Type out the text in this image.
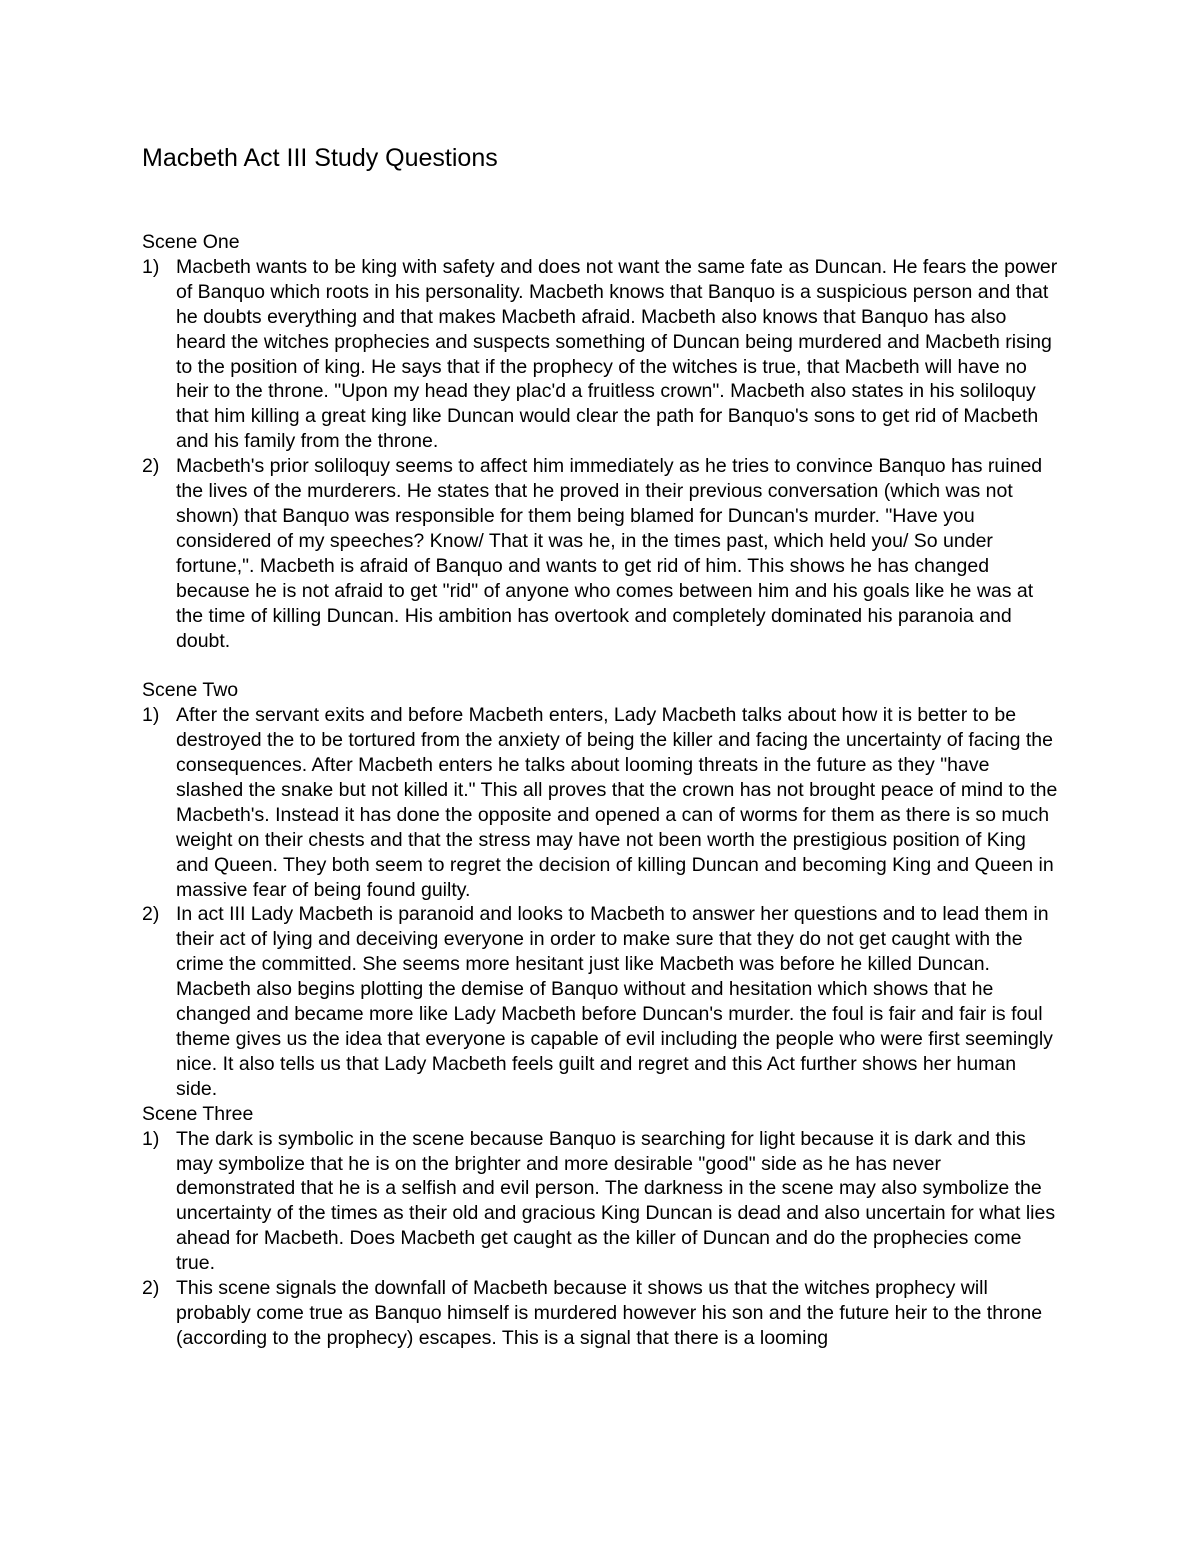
Macbeth Act III Study Questions
Scene One
1) Macbeth wants to be king with safety and does not want the same fate as Duncan. He fears the power of Banquo which roots in his personality. Macbeth knows that Banquo is a suspicious person and that he doubts everything and that makes Macbeth afraid. Macbeth also knows that Banquo has also heard the witches prophecies and suspects something of Duncan being murdered and Macbeth rising to the position of king. He says that if the prophecy of the witches is true, that Macbeth will have no heir to the throne. "Upon my head they plac'd a fruitless crown". Macbeth also states in his soliloquy that him killing a great king like Duncan would clear the path for Banquo's sons to get rid of Macbeth and his family from the throne.
2) Macbeth's prior soliloquy seems to affect him immediately as he tries to convince Banquo has ruined the lives of the murderers. He states that he proved in their previous conversation (which was not shown) that Banquo was responsible for them being blamed for Duncan's murder. "Have you considered of my speeches? Know/ That it was he, in the times past, which held you/ So under fortune,". Macbeth is afraid of Banquo and wants to get rid of him. This shows he has changed because he is not afraid to get "rid" of anyone who comes between him and his goals like he was at the time of killing Duncan. His ambition has overtook and completely dominated his paranoia and doubt.
Scene Two
1) After the servant exits and before Macbeth enters, Lady Macbeth talks about how it is better to be destroyed the to be tortured from the anxiety of being the killer and facing the uncertainty of facing the consequences. After Macbeth enters he talks about looming threats in the future as they "have slashed the snake but not killed it." This all proves that the crown has not brought peace of mind to the Macbeth's. Instead it has done the opposite and opened a can of worms for them as there is so much weight on their chests and that the stress may have not been worth the prestigious position of King and Queen. They both seem to regret the decision of killing Duncan and becoming King and Queen in massive fear of being found guilty.
2) In act III Lady Macbeth is paranoid and looks to Macbeth to answer her questions and to lead them in their act of lying and deceiving everyone in order to make sure that they do not get caught with the crime the committed. She seems more hesitant just like Macbeth was before he killed Duncan. Macbeth also begins plotting the demise of Banquo without and hesitation which shows that he changed and became more like Lady Macbeth before Duncan's murder. the foul is fair and fair is foul theme gives us the idea that everyone is capable of evil including the people who were first seemingly nice. It also tells us that Lady Macbeth feels guilt and regret and this Act further shows her human side.
Scene Three
1) The dark is symbolic in the scene because Banquo is searching for light because it is dark and this may symbolize that he is on the brighter and more desirable "good" side as he has never demonstrated that he is a selfish and evil person. The darkness in the scene may also symbolize the uncertainty of the times as their old and gracious King Duncan is dead and also uncertain for what lies ahead for Macbeth. Does Macbeth get caught as the killer of Duncan and do the prophecies come true.
2) This scene signals the downfall of Macbeth because it shows us that the witches prophecy will probably come true as Banquo himself is murdered however his son and the future heir to the throne (according to the prophecy) escapes. This is a signal that there is a looming
